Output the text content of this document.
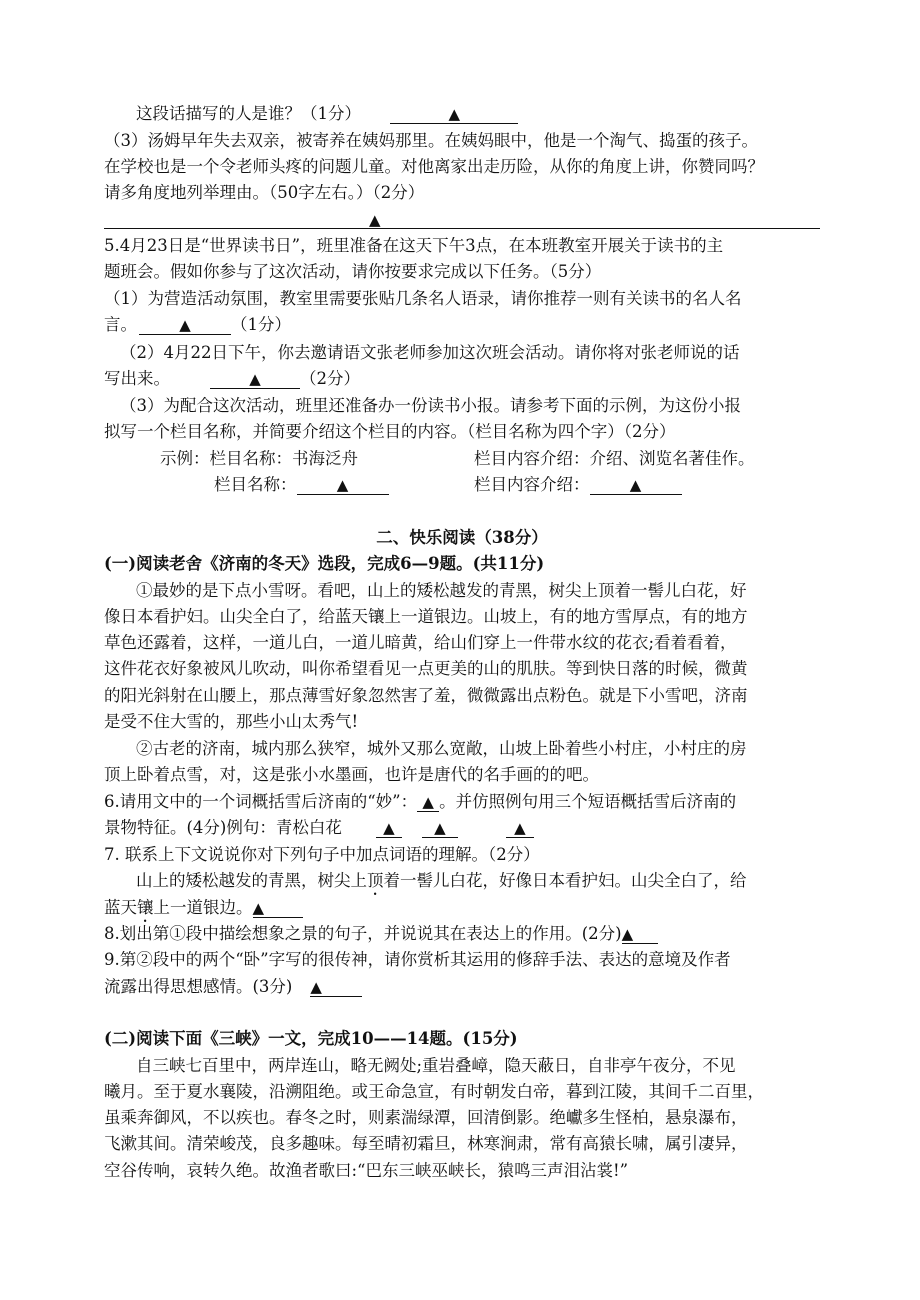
这段话描写的人是谁？（1分）	▲
（3）汤姆早年失去双亲，被寄养在姨妈那里。在姨妈眼中，他是一个淘气、捣蛋的孩子。
在学校也是一个令老师头疼的问题儿童。对他离家出走历险，从你的角度上讲，你赞同吗？
请多角度地列举理由。（50字左右。）（2分）
▲
5.4月23日是“世界读书日”，班里准备在这天下午3点，在本班教室开展关于读书的主
题班会。假如你参与了这次活动，请你按要求完成以下任务。（5分）
（1）为营造活动氛围，教室里需要张贴几条名人语录，请你推荐一则有关读书的名人名
言。	▲ （1分）
（2）4月22日下午，你去邀请语文张老师参加这次班会活动。请你将对张老师说的话
写出来。	▲ （2分）
（3）为配合这次活动，班里还准备办一份读书小报。请参考下面的示例，为这份小报
拟写一个栏目名称，并简要介绍这个栏目的内容。（栏目名称为四个字）（2分）
示例：栏目名称：书海泛舟	栏目内容介绍：介绍、浏览名著佳作。
栏目名称：	▲	栏目内容介绍：	▲
二、快乐阅读（38分）
(一)阅读老舍《济南的冬天》选段，完成6—9题。(共11分)
①最妙的是下点小雪呀。看吧，山上的矮松越发的青黑，树尖上顶着一髻儿白花，好
像日本看护妇。山尖全白了，给蓝天镶上一道银边。山坡上，有的地方雪厚点，有的地方
草色还露着，这样，一道儿白，一道儿暗黄，给山们穿上一件带水纹的花衣;看着看着，
这件花衣好象被风儿吹动，叫你希望看见一点更美的山的肌肤。等到快日落的时候，微黄
的阳光斜射在山腰上，那点薄雪好象忽然害了羞，微微露出点粉色。就是下小雪吧，济南
是受不住大雪的，那些小山太秀气!
②古老的济南，城内那么狭窄，城外又那么宽敞，山坡上卧着些小村庄，小村庄的房
顶上卧着点雪，对，这是张小水墨画，也许是唐代的名手画的的吧。
6.请用文中的一个词概括雪后济南的“妙”： ▲ 。并仿照例句用三个短语概括雪后济南的
景物特征。(4分)例句：青松白花	▲	▲	▲
7. 联系上下文说说你对下列句子中加点词语的理解。（2分）
山上的矮松越发的青黑，树尖上顶着一髻儿白花，好像日本看护妇。山尖全白了，给
蓝天镶上一道银边。▲
8.划出第①段中描绘想象之景的句子，并说说其在表达上的作用。(2分)▲
9.第②段中的两个“卧”字写的很传神，请你赏析其运用的修辞手法、表达的意境及作者
流露出得思想感情。(3分) ▲
(二)阅读下面《三峡》一文，完成10——14题。(15分)
自三峡七百里中，两岸连山，略无阙处;重岩叠嶂，隐天蔽日，自非亭午夜分，不见
曦月。至于夏水襄陵，沿溯阻绝。或王命急宣，有时朝发白帝，暮到江陵，其间千二百里，
虽乘奔御风，不以疾也。春冬之时，则素湍绿潭，回清倒影。绝巘多生怪柏，悬泉瀑布，
飞漱其间。清荣峻茂，良多趣味。每至晴初霜旦，林寒涧肃，常有高猿长啸，属引凄异，
空谷传响，哀转久绝。故渔者歌曰:“巴东三峡巫峡长，猿鸣三声泪沾裳!”
